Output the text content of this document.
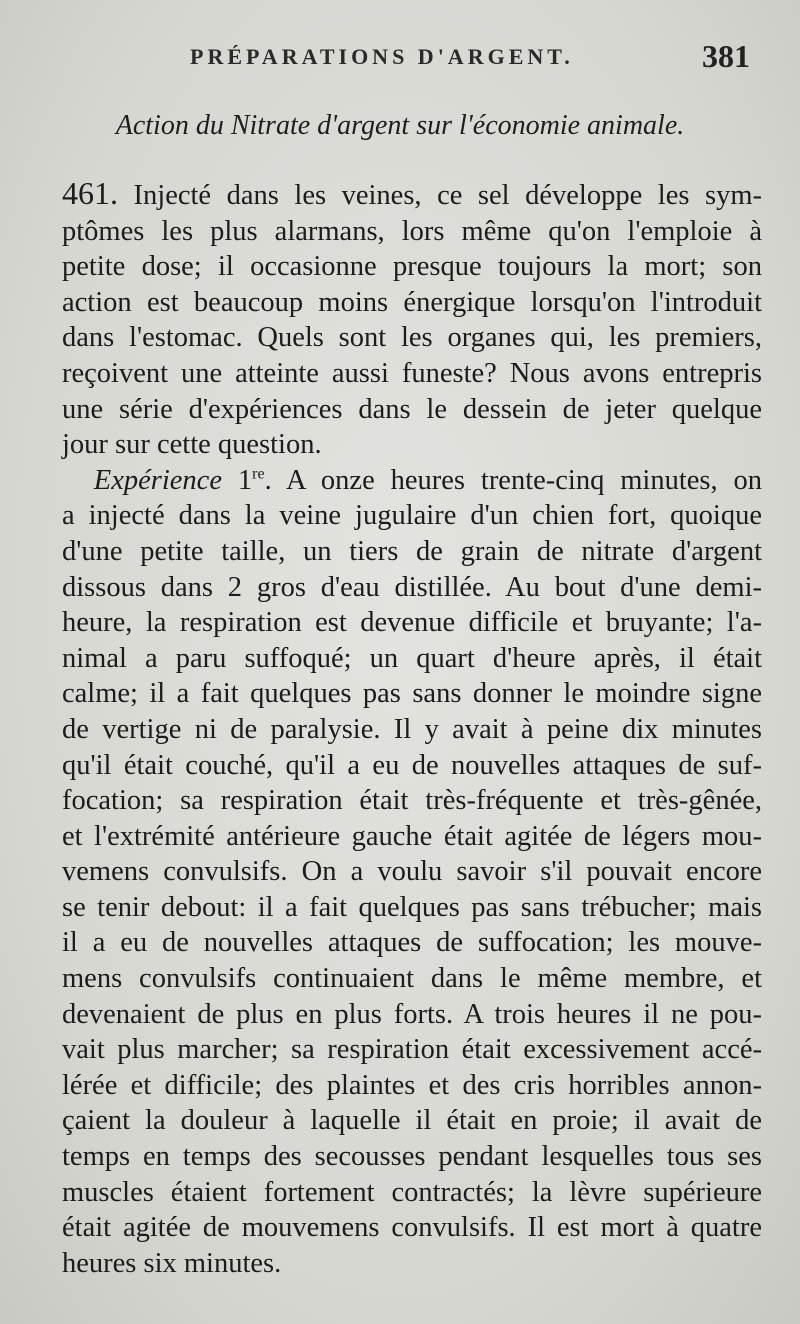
PRÉPARATIONS D'ARGENT.	381
Action du Nitrate d'argent sur l'économie animale.
461. Injecté dans les veines, ce sel développe les sym-
ptômes les plus alarmans, lors même qu'on l'emploie à
petite dose; il occasionne presque toujours la mort; son
action est beaucoup moins énergique lorsqu'on l'introduit
dans l'estomac. Quels sont les organes qui, les premiers,
reçoivent une atteinte aussi funeste? Nous avons entrepris
une série d'expériences dans le dessein de jeter quelque
jour sur cette question.
Expérience 1re. A onze heures trente-cinq minutes, on
a injecté dans la veine jugulaire d'un chien fort, quoique
d'une petite taille, un tiers de grain de nitrate d'argent
dissous dans 2 gros d'eau distillée. Au bout d'une demi-
heure, la respiration est devenue difficile et bruyante; l'a-
nimal a paru suffoqué; un quart d'heure après, il était
calme; il a fait quelques pas sans donner le moindre signe
de vertige ni de paralysie. Il y avait à peine dix minutes
qu'il était couché, qu'il a eu de nouvelles attaques de suf-
focation; sa respiration était très-fréquente et très-gênée,
et l'extrémité antérieure gauche était agitée de légers mou-
vemens convulsifs. On a voulu savoir s'il pouvait encore
se tenir debout: il a fait quelques pas sans trébucher; mais
il a eu de nouvelles attaques de suffocation; les mouve-
mens convulsifs continuaient dans le même membre, et
devenaient de plus en plus forts. A trois heures il ne pou-
vait plus marcher; sa respiration était excessivement accé-
lérée et difficile; des plaintes et des cris horribles annon-
çaient la douleur à laquelle il était en proie; il avait de
temps en temps des secousses pendant lesquelles tous ses
muscles étaient fortement contractés; la lèvre supérieure
était agitée de mouvemens convulsifs. Il est mort à quatre
heures six minutes.
